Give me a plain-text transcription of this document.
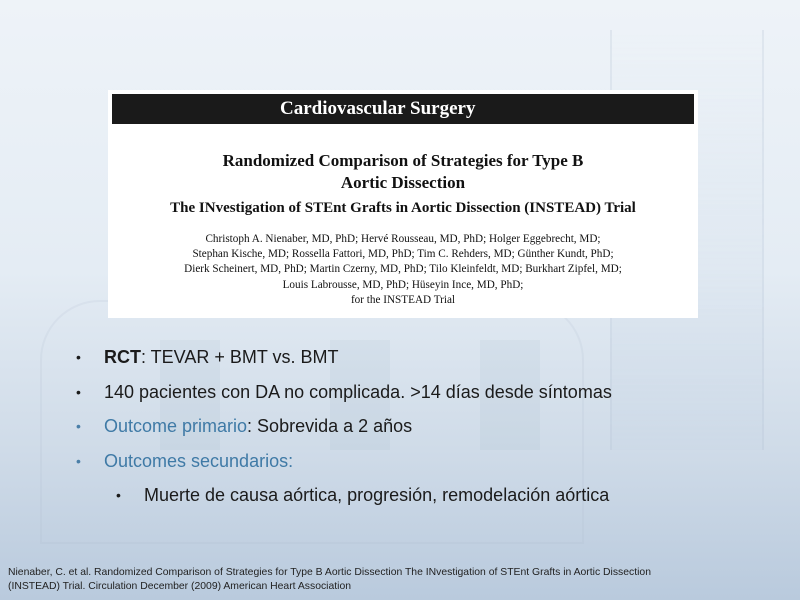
Cardiovascular Surgery
Randomized Comparison of Strategies for Type B
Aortic Dissection
The INvestigation of STEnt Grafts in Aortic Dissection (INSTEAD) Trial
Christoph A. Nienaber, MD, PhD; Hervé Rousseau, MD, PhD; Holger Eggebrecht, MD;
Stephan Kische, MD; Rossella Fattori, MD, PhD; Tim C. Rehders, MD; Günther Kundt, PhD;
Dierk Scheinert, MD, PhD; Martin Czerny, MD, PhD; Tilo Kleinfeldt, MD; Burkhart Zipfel, MD;
Louis Labrousse, MD, PhD; Hüseyin Ince, MD, PhD;
for the INSTEAD Trial
• RCT: TEVAR + BMT vs. BMT
• 140 pacientes con DA no complicada. >14 días desde síntomas
• Outcome primario: Sobrevida a 2 años
• Outcomes secundarios:
• Muerte de causa aórtica, progresión, remodelación aórtica
Nienaber, C. et al. Randomized Comparison of Strategies for Type B Aortic Dissection The INvestigation of STEnt Grafts in Aortic Dissection
(INSTEAD) Trial. Circulation December (2009) American Heart Association
